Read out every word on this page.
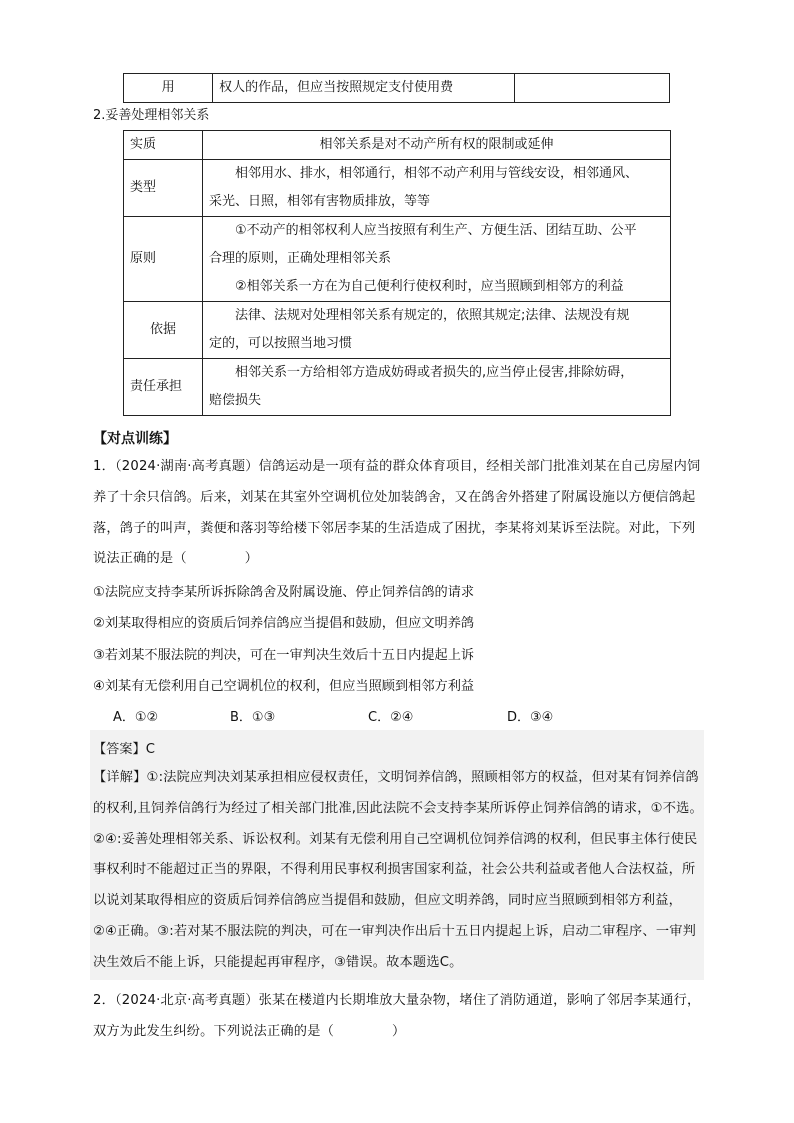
用	权人的作品，但应当按照规定支付使用费	
2.妥善处理相邻关系
实质	相邻关系是对不动产所有权的限制或延伸

类型	相邻用水、排水，相邻通行，相邻不动产利用与管线安设，相邻通风、
采光、日照，相邻有害物质排放，等等

原则	①不动产的相邻权利人应当按照有利生产、方便生活、团结互助、公平
合理的原则，正确处理相邻关系
②相邻关系一方在为自己便利行使权利时，应当照顾到相邻方的利益

依据	法律、法规对处理相邻关系有规定的，依照其规定;法律、法规没有规
定的，可以按照当地习惯

责任承担	相邻关系一方给相邻方造成妨碍或者损失的,应当停止侵害,排除妨碍，
赔偿损失
【对点训练】
1．（2024·湖南·高考真题）信鸽运动是一项有益的群众体育项目，经相关部门批准刘某在自己房屋内饲养了十余只信鸽。后来，刘某在其室外空调机位处加装鸽舍，又在鸽舍外搭建了附属设施以方便信鸽起落，鸽子的叫声，粪便和落羽等给楼下邻居李某的生活造成了困扰，李某将刘某诉至法院。对此，下列说法正确的是（	）
①法院应支持李某所诉拆除鸽舍及附属设施、停止饲养信鸽的请求
②刘某取得相应的资质后饲养信鸽应当提倡和鼓励，但应文明养鸽
③若刘某不服法院的判决，可在一审判决生效后十五日内提起上诉
④刘某有无偿利用自己空调机位的权利，但应当照顾到相邻方利益
A．①②	B．①③	C．②④	D．③④
【答案】C
【详解】①:法院应判决刘某承担相应侵权责任，文明饲养信鸽，照顾相邻方的权益，但对某有饲养信鸽的权利,且饲养信鸽行为经过了相关部门批准,因此法院不会支持李某所诉停止饲养信鸽的请求，①不选。②④:妥善处理相邻关系、诉讼权利。刘某有无偿利用自己空调机位饲养信鸿的权利，但民事主体行使民事权利时不能超过正当的界限，不得利用民事权利损害国家利益，社会公共利益或者他人合法权益，所以说刘某取得相应的资质后饲养信鸽应当提倡和鼓励，但应文明养鸽，同时应当照顾到相邻方利益，②④正确。③:若对某不服法院的判决，可在一审判决作出后十五日内提起上诉，启动二审程序、一审判决生效后不能上诉，只能提起再审程序，③错误。故本题选C。
2．（2024·北京·高考真题）张某在楼道内长期堆放大量杂物，堵住了消防通道，影响了邻居李某通行，双方为此发生纠纷。下列说法正确的是（	）
